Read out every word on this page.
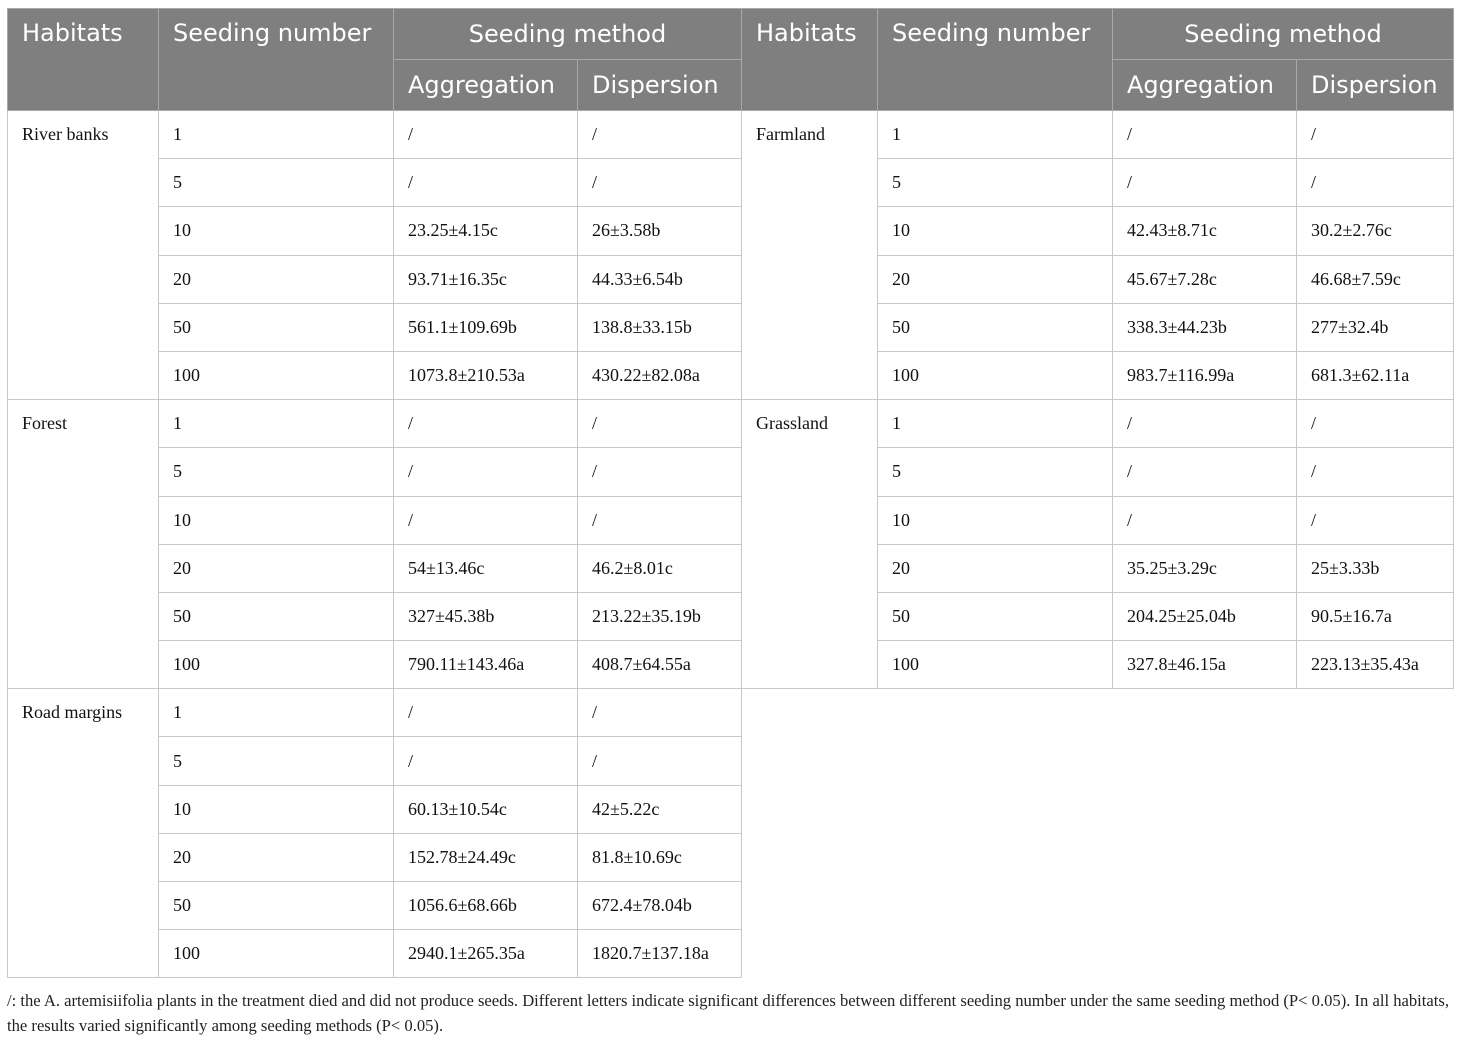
Habitats	Seeding number	Seeding method		Habitats	Seeding number	Seeding method	
		Aggregation	Dispersion			Aggregation	Dispersion
River banks	1	/	/	Farmland	1	/	/
	5	/	/		5	/	/
	10	23.25±4.15c	26±3.58b		10	42.43±8.71c	30.2±2.76c
	20	93.71±16.35c	44.33±6.54b		20	45.67±7.28c	46.68±7.59c
	50	561.1±109.69b	138.8±33.15b		50	338.3±44.23b	277±32.4b
	100	1073.8±210.53a	430.22±82.08a		100	983.7±116.99a	681.3±62.11a
Forest	1	/	/	Grassland	1	/	/
	5	/	/		5	/	/
	10	/	/		10	/	/
	20	54±13.46c	46.2±8.01c		20	35.25±3.29c	25±3.33b
	50	327±45.38b	213.22±35.19b		50	204.25±25.04b	90.5±16.7a
	100	790.11±143.46a	408.7±64.55a		100	327.8±46.15a	223.13±35.43a
Road margins	1	/	/				
	5	/	/				
	10	60.13±10.54c	42±5.22c				
	20	152.78±24.49c	81.8±10.69c				
	50	1056.6±68.66b	672.4±78.04b				
	100	2940.1±265.35a	1820.7±137.18a				
/: the A. artemisiifolia plants in the treatment died and did not produce seeds. Different letters indicate significant differences between different seeding number under the same seeding method (P< 0.05). In all habitats, the results varied significantly among seeding methods (P< 0.05).
